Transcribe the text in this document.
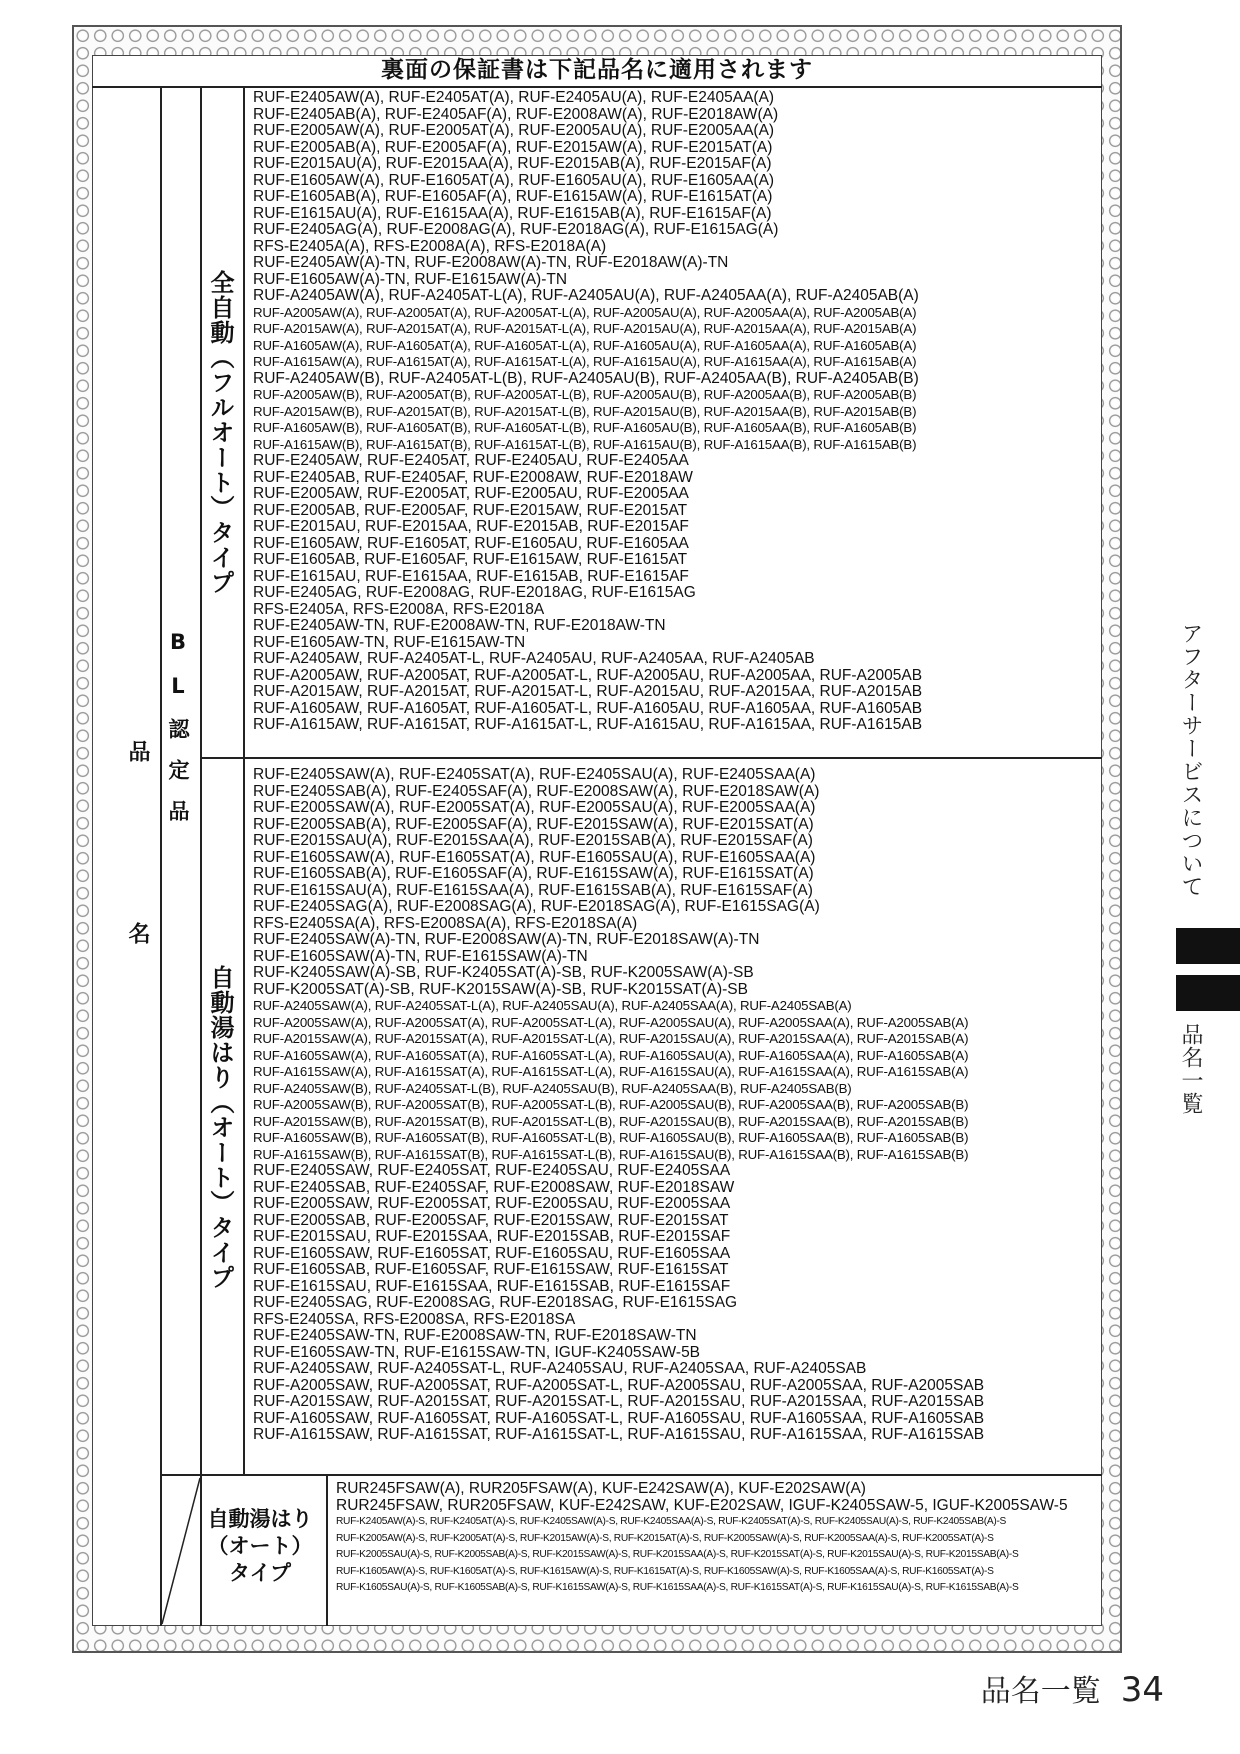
裏面の保証書は下記品名に適用されます
品名
BL認定品
全自動（フルオート）タイプ
自動湯はり（オート）タイプ
RUF-E2405AW(A), RUF-E2405AT(A), RUF-E2405AU(A), RUF-E2405AA(A)
RUF-E2405AB(A), RUF-E2405AF(A), RUF-E2008AW(A), RUF-E2018AW(A)
RUF-E2005AW(A), RUF-E2005AT(A), RUF-E2005AU(A), RUF-E2005AA(A)
RUF-E2005AB(A), RUF-E2005AF(A), RUF-E2015AW(A), RUF-E2015AT(A)
RUF-E2015AU(A), RUF-E2015AA(A), RUF-E2015AB(A), RUF-E2015AF(A)
RUF-E1605AW(A), RUF-E1605AT(A), RUF-E1605AU(A), RUF-E1605AA(A)
RUF-E1605AB(A), RUF-E1605AF(A), RUF-E1615AW(A), RUF-E1615AT(A)
RUF-E1615AU(A), RUF-E1615AA(A), RUF-E1615AB(A), RUF-E1615AF(A)
RUF-E2405AG(A), RUF-E2008AG(A), RUF-E2018AG(A), RUF-E1615AG(A)
RFS-E2405A(A), RFS-E2008A(A), RFS-E2018A(A)
RUF-E2405AW(A)-TN, RUF-E2008AW(A)-TN, RUF-E2018AW(A)-TN
RUF-E1605AW(A)-TN, RUF-E1615AW(A)-TN
RUF-A2405AW(A), RUF-A2405AT-L(A), RUF-A2405AU(A), RUF-A2405AA(A), RUF-A2405AB(A)
RUF-A2005AW(A), RUF-A2005AT(A), RUF-A2005AT-L(A), RUF-A2005AU(A), RUF-A2005AA(A), RUF-A2005AB(A)
RUF-A2015AW(A), RUF-A2015AT(A), RUF-A2015AT-L(A), RUF-A2015AU(A), RUF-A2015AA(A), RUF-A2015AB(A)
RUF-A1605AW(A), RUF-A1605AT(A), RUF-A1605AT-L(A), RUF-A1605AU(A), RUF-A1605AA(A), RUF-A1605AB(A)
RUF-A1615AW(A), RUF-A1615AT(A), RUF-A1615AT-L(A), RUF-A1615AU(A), RUF-A1615AA(A), RUF-A1615AB(A)
RUF-A2405AW(B), RUF-A2405AT-L(B), RUF-A2405AU(B), RUF-A2405AA(B), RUF-A2405AB(B)
RUF-A2005AW(B), RUF-A2005AT(B), RUF-A2005AT-L(B), RUF-A2005AU(B), RUF-A2005AA(B), RUF-A2005AB(B)
RUF-A2015AW(B), RUF-A2015AT(B), RUF-A2015AT-L(B), RUF-A2015AU(B), RUF-A2015AA(B), RUF-A2015AB(B)
RUF-A1605AW(B), RUF-A1605AT(B), RUF-A1605AT-L(B), RUF-A1605AU(B), RUF-A1605AA(B), RUF-A1605AB(B)
RUF-A1615AW(B), RUF-A1615AT(B), RUF-A1615AT-L(B), RUF-A1615AU(B), RUF-A1615AA(B), RUF-A1615AB(B)
RUF-E2405AW, RUF-E2405AT, RUF-E2405AU, RUF-E2405AA
RUF-E2405AB, RUF-E2405AF, RUF-E2008AW, RUF-E2018AW
RUF-E2005AW, RUF-E2005AT, RUF-E2005AU, RUF-E2005AA
RUF-E2005AB, RUF-E2005AF, RUF-E2015AW, RUF-E2015AT
RUF-E2015AU, RUF-E2015AA, RUF-E2015AB, RUF-E2015AF
RUF-E1605AW, RUF-E1605AT, RUF-E1605AU, RUF-E1605AA
RUF-E1605AB, RUF-E1605AF, RUF-E1615AW, RUF-E1615AT
RUF-E1615AU, RUF-E1615AA, RUF-E1615AB, RUF-E1615AF
RUF-E2405AG, RUF-E2008AG, RUF-E2018AG, RUF-E1615AG
RFS-E2405A, RFS-E2008A, RFS-E2018A
RUF-E2405AW-TN, RUF-E2008AW-TN, RUF-E2018AW-TN
RUF-E1605AW-TN, RUF-E1615AW-TN
RUF-A2405AW, RUF-A2405AT-L, RUF-A2405AU, RUF-A2405AA, RUF-A2405AB
RUF-A2005AW, RUF-A2005AT, RUF-A2005AT-L, RUF-A2005AU, RUF-A2005AA, RUF-A2005AB
RUF-A2015AW, RUF-A2015AT, RUF-A2015AT-L, RUF-A2015AU, RUF-A2015AA, RUF-A2015AB
RUF-A1605AW, RUF-A1605AT, RUF-A1605AT-L, RUF-A1605AU, RUF-A1605AA, RUF-A1605AB
RUF-A1615AW, RUF-A1615AT, RUF-A1615AT-L, RUF-A1615AU, RUF-A1615AA, RUF-A1615AB
RUF-E2405SAW(A), RUF-E2405SAT(A), RUF-E2405SAU(A), RUF-E2405SAA(A)
RUF-E2405SAB(A), RUF-E2405SAF(A), RUF-E2008SAW(A), RUF-E2018SAW(A)
RUF-E2005SAW(A), RUF-E2005SAT(A), RUF-E2005SAU(A), RUF-E2005SAA(A)
RUF-E2005SAB(A), RUF-E2005SAF(A), RUF-E2015SAW(A), RUF-E2015SAT(A)
RUF-E2015SAU(A), RUF-E2015SAA(A), RUF-E2015SAB(A), RUF-E2015SAF(A)
RUF-E1605SAW(A), RUF-E1605SAT(A), RUF-E1605SAU(A), RUF-E1605SAA(A)
RUF-E1605SAB(A), RUF-E1605SAF(A), RUF-E1615SAW(A), RUF-E1615SAT(A)
RUF-E1615SAU(A), RUF-E1615SAA(A), RUF-E1615SAB(A), RUF-E1615SAF(A)
RUF-E2405SAG(A), RUF-E2008SAG(A), RUF-E2018SAG(A), RUF-E1615SAG(A)
RFS-E2405SA(A), RFS-E2008SA(A), RFS-E2018SA(A)
RUF-E2405SAW(A)-TN, RUF-E2008SAW(A)-TN, RUF-E2018SAW(A)-TN
RUF-E1605SAW(A)-TN, RUF-E1615SAW(A)-TN
RUF-K2405SAW(A)-SB, RUF-K2405SAT(A)-SB, RUF-K2005SAW(A)-SB
RUF-K2005SAT(A)-SB, RUF-K2015SAW(A)-SB, RUF-K2015SAT(A)-SB
RUF-A2405SAW(A), RUF-A2405SAT-L(A), RUF-A2405SAU(A), RUF-A2405SAA(A), RUF-A2405SAB(A)
RUF-A2005SAW(A), RUF-A2005SAT(A), RUF-A2005SAT-L(A), RUF-A2005SAU(A), RUF-A2005SAA(A), RUF-A2005SAB(A)
RUF-A2015SAW(A), RUF-A2015SAT(A), RUF-A2015SAT-L(A), RUF-A2015SAU(A), RUF-A2015SAA(A), RUF-A2015SAB(A)
RUF-A1605SAW(A), RUF-A1605SAT(A), RUF-A1605SAT-L(A), RUF-A1605SAU(A), RUF-A1605SAA(A), RUF-A1605SAB(A)
RUF-A1615SAW(A), RUF-A1615SAT(A), RUF-A1615SAT-L(A), RUF-A1615SAU(A), RUF-A1615SAA(A), RUF-A1615SAB(A)
RUF-A2405SAW(B), RUF-A2405SAT-L(B), RUF-A2405SAU(B), RUF-A2405SAA(B), RUF-A2405SAB(B)
RUF-A2005SAW(B), RUF-A2005SAT(B), RUF-A2005SAT-L(B), RUF-A2005SAU(B), RUF-A2005SAA(B), RUF-A2005SAB(B)
RUF-A2015SAW(B), RUF-A2015SAT(B), RUF-A2015SAT-L(B), RUF-A2015SAU(B), RUF-A2015SAA(B), RUF-A2015SAB(B)
RUF-A1605SAW(B), RUF-A1605SAT(B), RUF-A1605SAT-L(B), RUF-A1605SAU(B), RUF-A1605SAA(B), RUF-A1605SAB(B)
RUF-A1615SAW(B), RUF-A1615SAT(B), RUF-A1615SAT-L(B), RUF-A1615SAU(B), RUF-A1615SAA(B), RUF-A1615SAB(B)
RUF-E2405SAW, RUF-E2405SAT, RUF-E2405SAU, RUF-E2405SAA
RUF-E2405SAB, RUF-E2405SAF, RUF-E2008SAW, RUF-E2018SAW
RUF-E2005SAW, RUF-E2005SAT, RUF-E2005SAU, RUF-E2005SAA
RUF-E2005SAB, RUF-E2005SAF, RUF-E2015SAW, RUF-E2015SAT
RUF-E2015SAU, RUF-E2015SAA, RUF-E2015SAB, RUF-E2015SAF
RUF-E1605SAW, RUF-E1605SAT, RUF-E1605SAU, RUF-E1605SAA
RUF-E1605SAB, RUF-E1605SAF, RUF-E1615SAW, RUF-E1615SAT
RUF-E1615SAU, RUF-E1615SAA, RUF-E1615SAB, RUF-E1615SAF
RUF-E2405SAG, RUF-E2008SAG, RUF-E2018SAG, RUF-E1615SAG
RFS-E2405SA, RFS-E2008SA, RFS-E2018SA
RUF-E2405SAW-TN, RUF-E2008SAW-TN, RUF-E2018SAW-TN
RUF-E1605SAW-TN, RUF-E1615SAW-TN, IGUF-K2405SAW-5B
RUF-A2405SAW, RUF-A2405SAT-L, RUF-A2405SAU, RUF-A2405SAA, RUF-A2405SAB
RUF-A2005SAW, RUF-A2005SAT, RUF-A2005SAT-L, RUF-A2005SAU, RUF-A2005SAA, RUF-A2005SAB
RUF-A2015SAW, RUF-A2015SAT, RUF-A2015SAT-L, RUF-A2015SAU, RUF-A2015SAA, RUF-A2015SAB
RUF-A1605SAW, RUF-A1605SAT, RUF-A1605SAT-L, RUF-A1605SAU, RUF-A1605SAA, RUF-A1605SAB
RUF-A1615SAW, RUF-A1615SAT, RUF-A1615SAT-L, RUF-A1615SAU, RUF-A1615SAA, RUF-A1615SAB
自動湯はり
（オート）
タイプ
RUR245FSAW(A), RUR205FSAW(A), KUF-E242SAW(A), KUF-E202SAW(A)
RUR245FSAW, RUR205FSAW, KUF-E242SAW, KUF-E202SAW, IGUF-K2405SAW-5, IGUF-K2005SAW-5
RUF-K2405AW(A)-S, RUF-K2405AT(A)-S, RUF-K2405SAW(A)-S, RUF-K2405SAA(A)-S, RUF-K2405SAT(A)-S, RUF-K2405SAU(A)-S, RUF-K2405SAB(A)-S
RUF-K2005AW(A)-S, RUF-K2005AT(A)-S, RUF-K2015AW(A)-S, RUF-K2015AT(A)-S, RUF-K2005SAW(A)-S, RUF-K2005SAA(A)-S, RUF-K2005SAT(A)-S
RUF-K2005SAU(A)-S, RUF-K2005SAB(A)-S, RUF-K2015SAW(A)-S, RUF-K2015SAA(A)-S, RUF-K2015SAT(A)-S, RUF-K2015SAU(A)-S, RUF-K2015SAB(A)-S
RUF-K1605AW(A)-S, RUF-K1605AT(A)-S, RUF-K1615AW(A)-S, RUF-K1615AT(A)-S, RUF-K1605SAW(A)-S, RUF-K1605SAA(A)-S, RUF-K1605SAT(A)-S
RUF-K1605SAU(A)-S, RUF-K1605SAB(A)-S, RUF-K1615SAW(A)-S, RUF-K1615SAA(A)-S, RUF-K1615SAT(A)-S, RUF-K1615SAU(A)-S, RUF-K1615SAB(A)-S
アフターサービスについて
品名一覧
品名一覧 34
